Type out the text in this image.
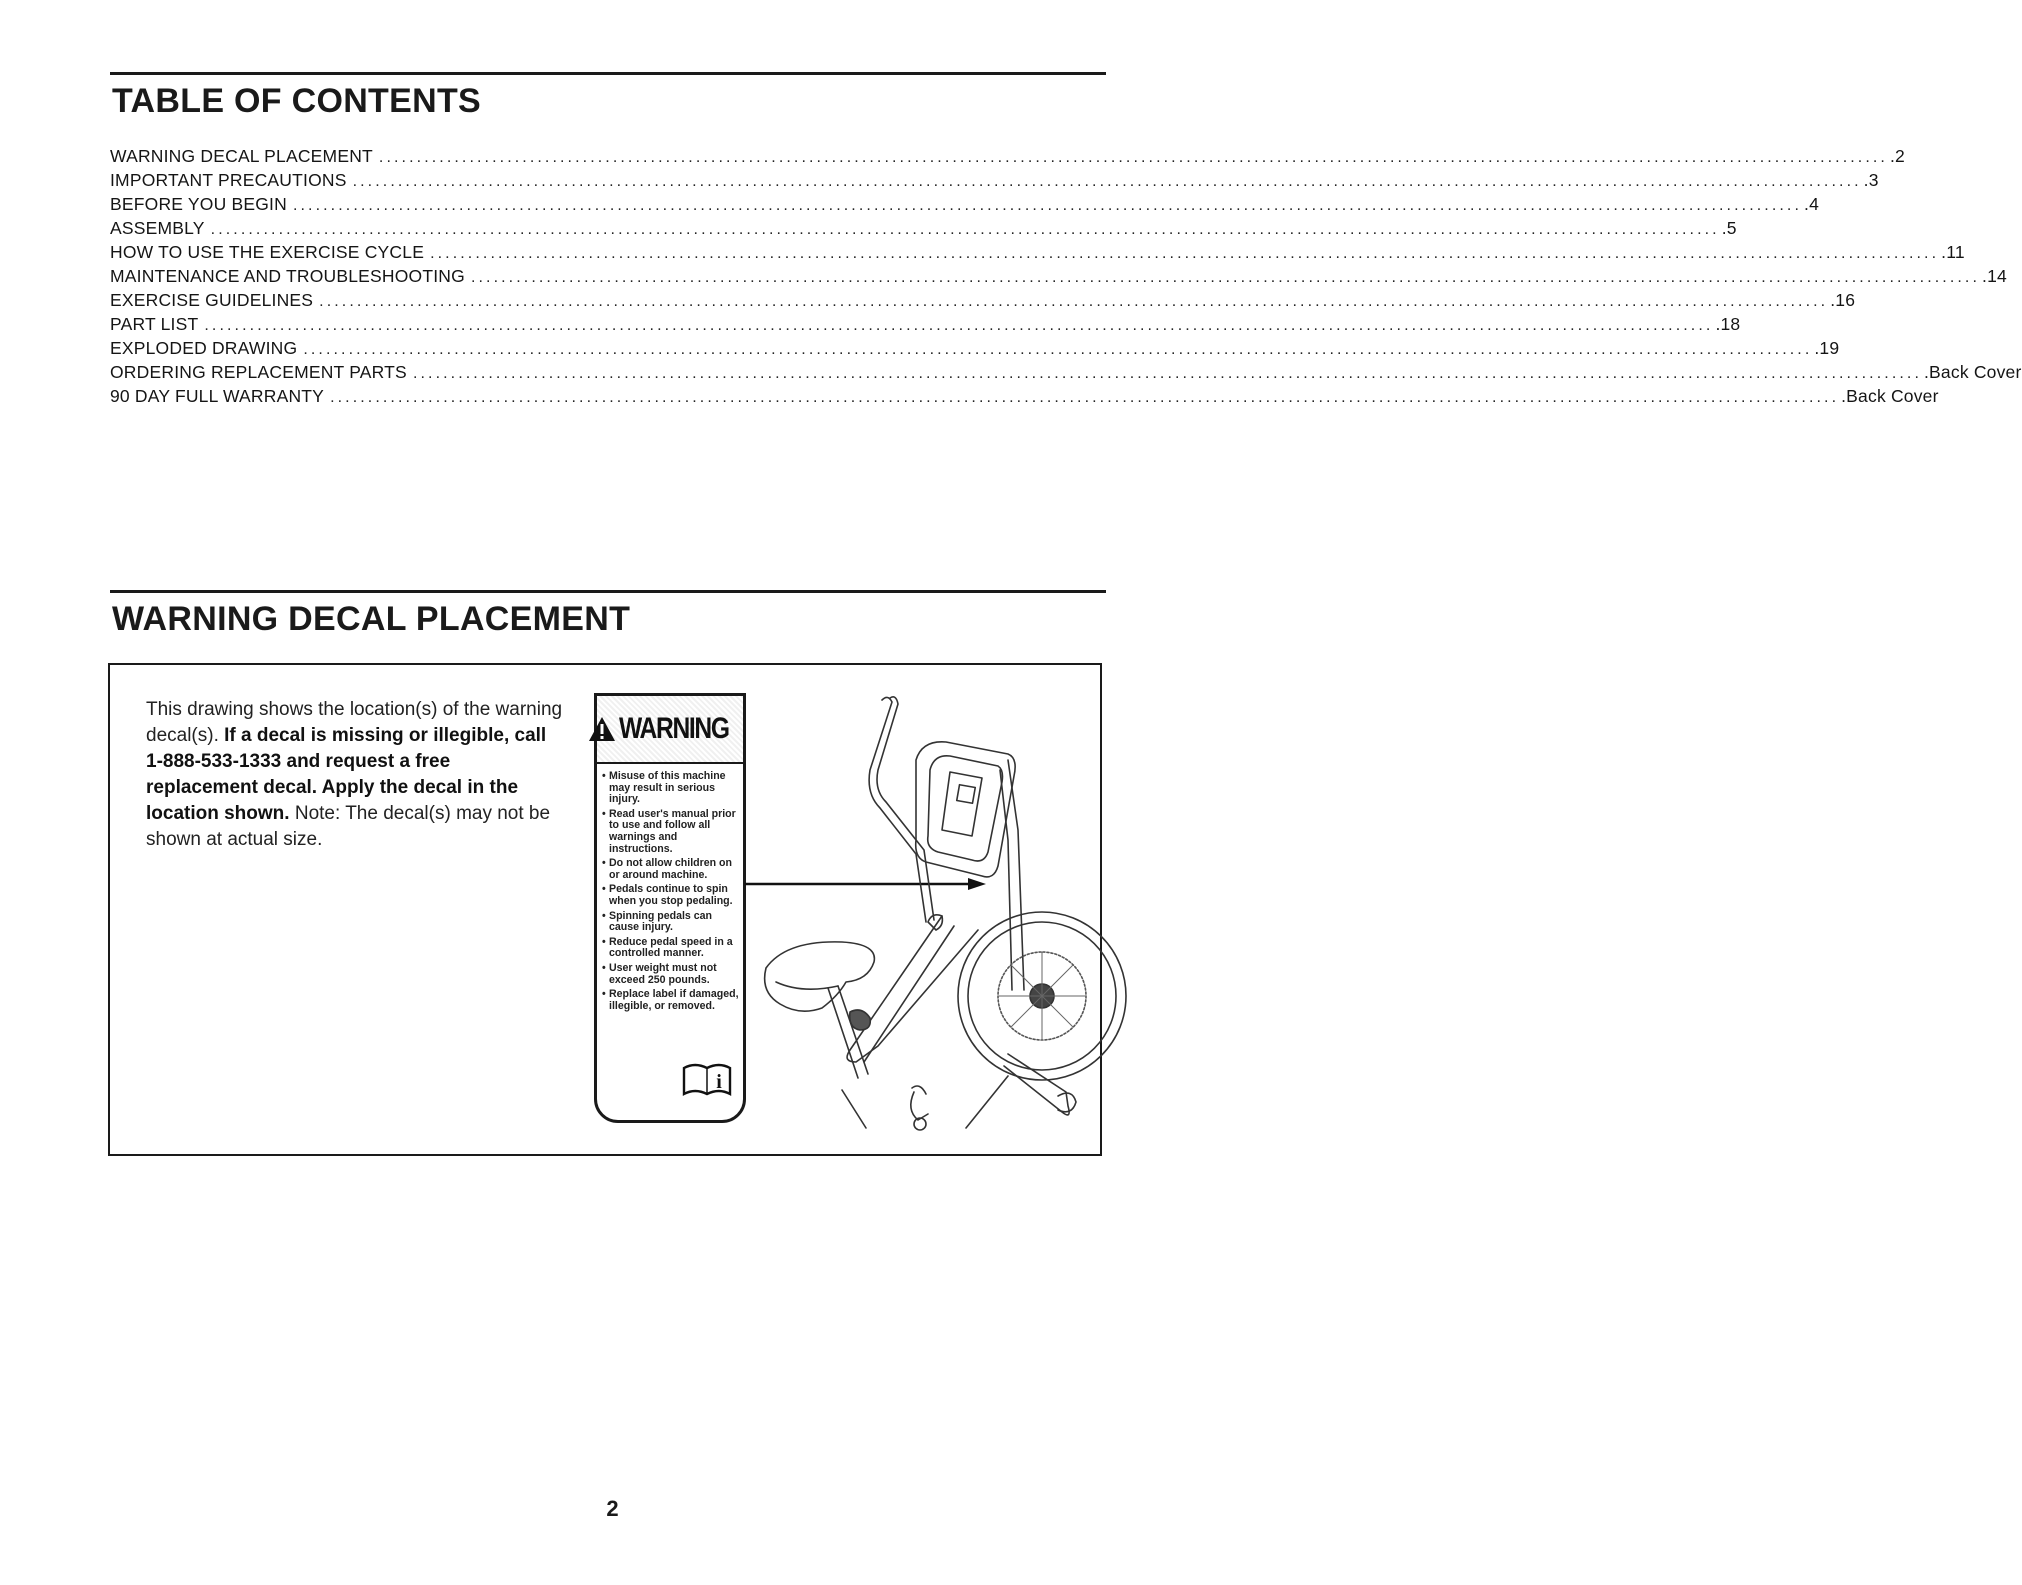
TABLE OF CONTENTS
WARNING DECAL PLACEMENT ........................................................................................................................................................................................................ .2
IMPORTANT PRECAUTIONS ........................................................................................................................................................................................................ .3
BEFORE YOU BEGIN ........................................................................................................................................................................................................ .4
ASSEMBLY ........................................................................................................................................................................................................ .5
HOW TO USE THE EXERCISE CYCLE ........................................................................................................................................................................................................ .11
MAINTENANCE AND TROUBLESHOOTING ........................................................................................................................................................................................................ .14
EXERCISE GUIDELINES ........................................................................................................................................................................................................ .16
PART LIST ........................................................................................................................................................................................................ .18
EXPLODED DRAWING ........................................................................................................................................................................................................ .19
ORDERING REPLACEMENT PARTS ........................................................................................................................................................................................................ .Back Cover
90 DAY FULL WARRANTY ........................................................................................................................................................................................................ .Back Cover
WARNING DECAL PLACEMENT
This drawing shows the location(s) of the warning decal(s). If a decal is missing or illegible, call 1-888-533-1333 and request a free replacement decal. Apply the decal in the location shown. Note: The decal(s) may not be shown at actual size.
WARNING
• Misuse of this machine may result in serious injury.
• Read user's manual prior to use and follow all warnings and instructions.
• Do not allow children on or around machine.
• Pedals continue to spin when you stop pedaling.
• Spinning pedals can cause injury.
• Reduce pedal speed in a controlled manner.
• User weight must not exceed 250 pounds.
• Replace label if damaged, illegible, or removed.
i
2
